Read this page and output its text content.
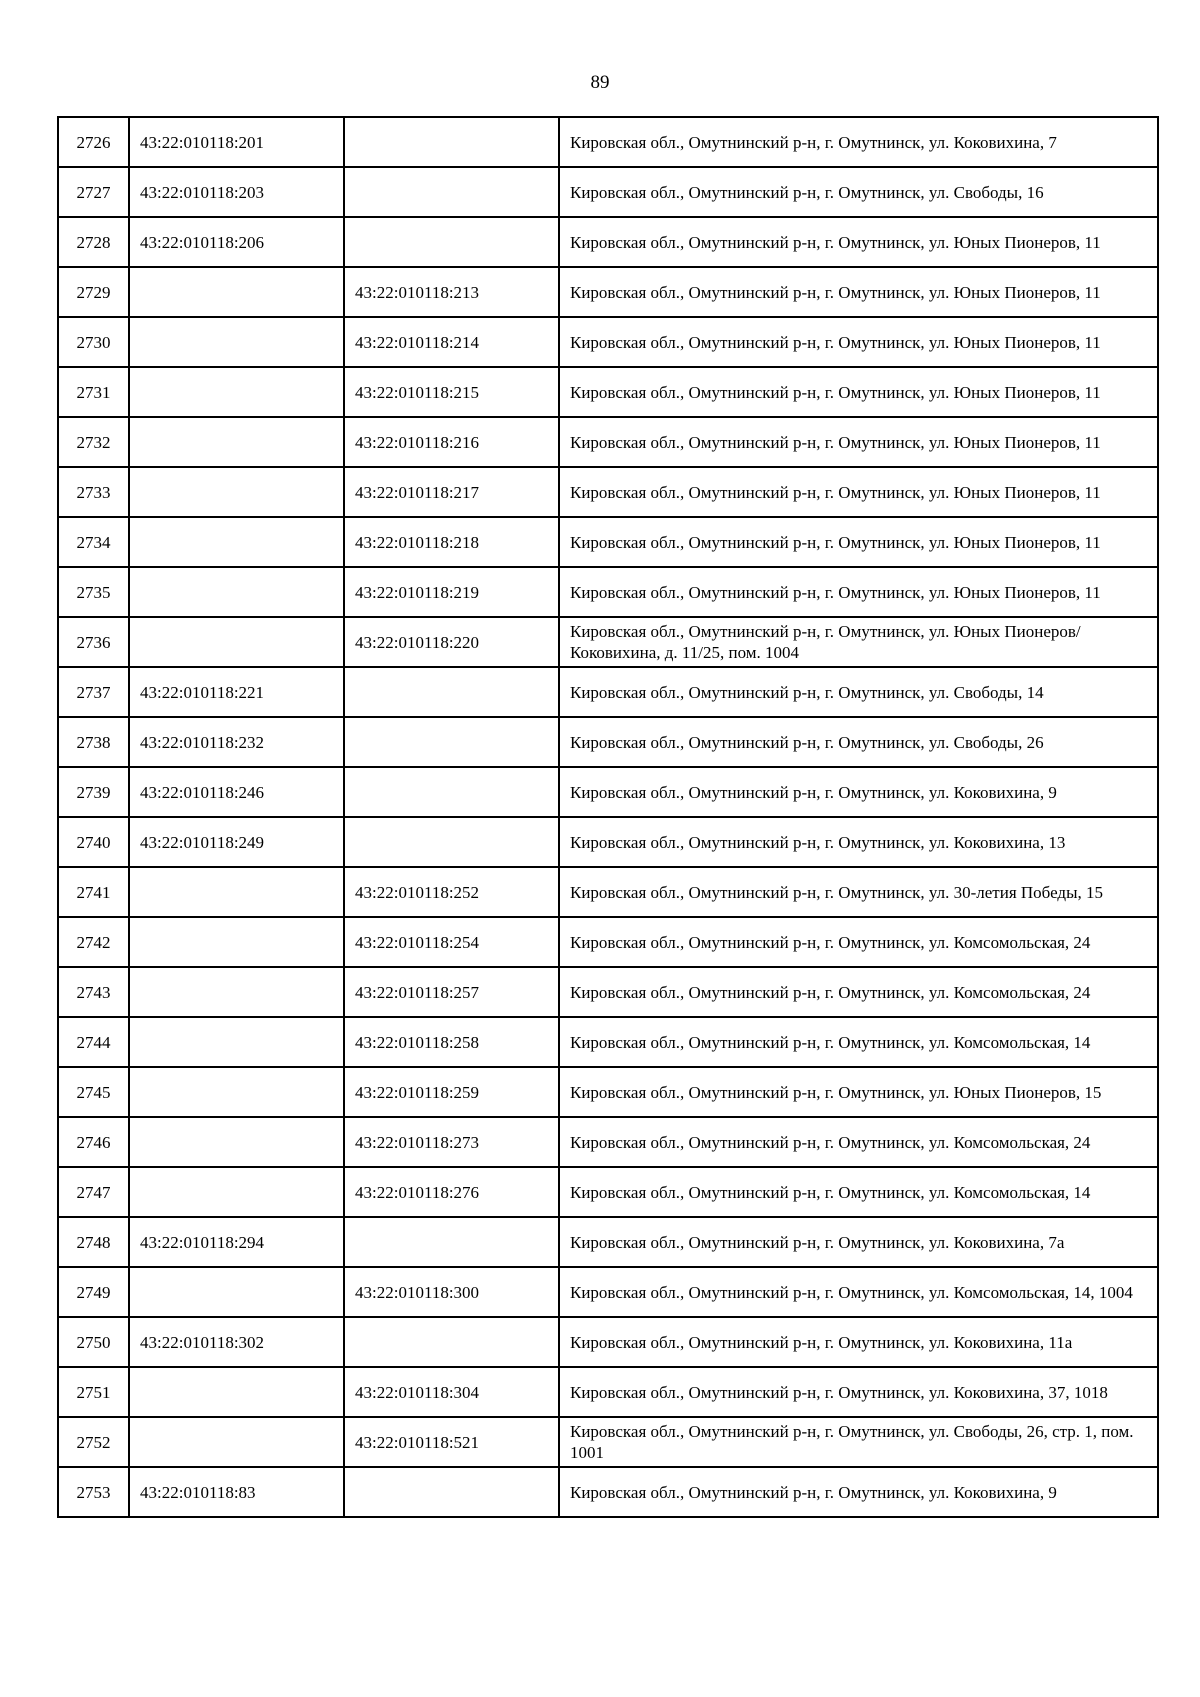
89
2726	43:22:010118:201		Кировская обл., Омутнинский р-н, г. Омутнинск, ул. Коковихина, 7
2727	43:22:010118:203		Кировская обл., Омутнинский р-н, г. Омутнинск, ул. Свободы, 16
2728	43:22:010118:206		Кировская обл., Омутнинский р-н, г. Омутнинск, ул. Юных Пионеров, 11
2729		43:22:010118:213	Кировская обл., Омутнинский р-н, г. Омутнинск, ул. Юных Пионеров, 11
2730		43:22:010118:214	Кировская обл., Омутнинский р-н, г. Омутнинск, ул. Юных Пионеров, 11
2731		43:22:010118:215	Кировская обл., Омутнинский р-н, г. Омутнинск, ул. Юных Пионеров, 11
2732		43:22:010118:216	Кировская обл., Омутнинский р-н, г. Омутнинск, ул. Юных Пионеров, 11
2733		43:22:010118:217	Кировская обл., Омутнинский р-н, г. Омутнинск, ул. Юных Пионеров, 11
2734		43:22:010118:218	Кировская обл., Омутнинский р-н, г. Омутнинск, ул. Юных Пионеров, 11
2735		43:22:010118:219	Кировская обл., Омутнинский р-н, г. Омутнинск, ул. Юных Пионеров, 11
2736		43:22:010118:220	Кировская обл., Омутнинский р-н, г. Омутнинск, ул. Юных Пионеров/Коковихина, д. 11/25, пом. 1004
2737	43:22:010118:221		Кировская обл., Омутнинский р-н, г. Омутнинск, ул. Свободы, 14
2738	43:22:010118:232		Кировская обл., Омутнинский р-н, г. Омутнинск, ул. Свободы, 26
2739	43:22:010118:246		Кировская обл., Омутнинский р-н, г. Омутнинск, ул. Коковихина, 9
2740	43:22:010118:249		Кировская обл., Омутнинский р-н, г. Омутнинск, ул. Коковихина, 13
2741		43:22:010118:252	Кировская обл., Омутнинский р-н, г. Омутнинск, ул. 30-летия Победы, 15
2742		43:22:010118:254	Кировская обл., Омутнинский р-н, г. Омутнинск, ул. Комсомольская, 24
2743		43:22:010118:257	Кировская обл., Омутнинский р-н, г. Омутнинск, ул. Комсомольская, 24
2744		43:22:010118:258	Кировская обл., Омутнинский р-н, г. Омутнинск, ул. Комсомольская, 14
2745		43:22:010118:259	Кировская обл., Омутнинский р-н, г. Омутнинск, ул. Юных Пионеров, 15
2746		43:22:010118:273	Кировская обл., Омутнинский р-н, г. Омутнинск, ул. Комсомольская, 24
2747		43:22:010118:276	Кировская обл., Омутнинский р-н, г. Омутнинск, ул. Комсомольская, 14
2748	43:22:010118:294		Кировская обл., Омутнинский р-н, г. Омутнинск, ул. Коковихина, 7а
2749		43:22:010118:300	Кировская обл., Омутнинский р-н, г. Омутнинск, ул. Комсомольская, 14, 1004
2750	43:22:010118:302		Кировская обл., Омутнинский р-н, г. Омутнинск, ул. Коковихина, 11а
2751		43:22:010118:304	Кировская обл., Омутнинский р-н, г. Омутнинск, ул. Коковихина, 37, 1018
2752		43:22:010118:521	Кировская обл., Омутнинский р-н, г. Омутнинск, ул. Свободы, 26, стр. 1, пом. 1001
2753	43:22:010118:83		Кировская обл., Омутнинский р-н, г. Омутнинск, ул. Коковихина, 9
